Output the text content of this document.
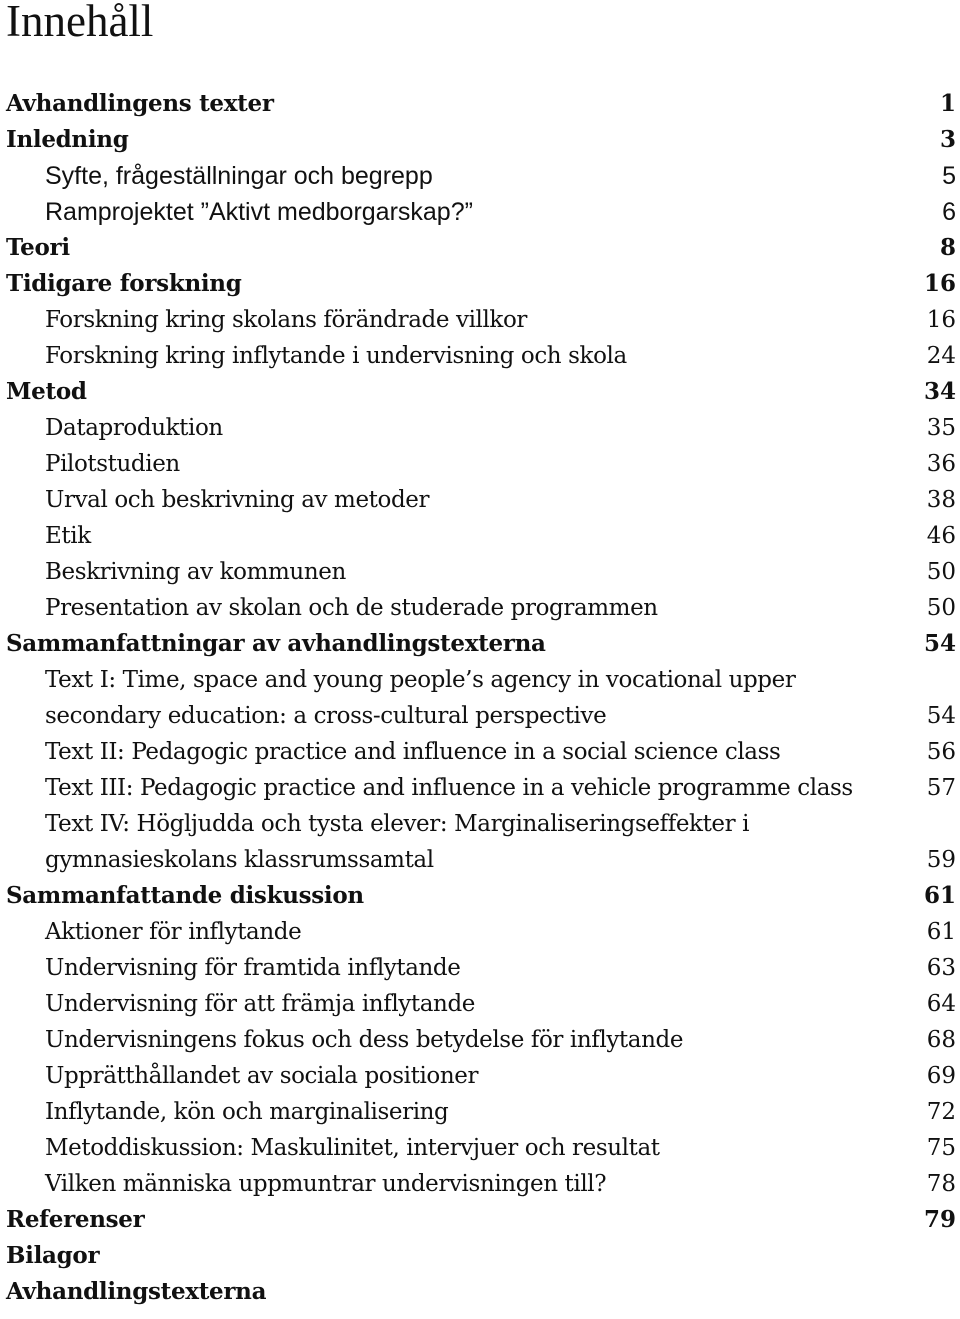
Innehåll
Avhandlingens texter	1
Inledning	3
Syfte, frågeställningar och begrepp	5
Ramprojektet ”Aktivt medborgarskap?”	6
Teori	8
Tidigare forskning	16
Forskning kring skolans förändrade villkor	16
Forskning kring inflytande i undervisning och skola	24
Metod	34
Dataproduktion	35
Pilotstudien	36
Urval och beskrivning av metoder	38
Etik	46
Beskrivning av kommunen	50
Presentation av skolan och de studerade programmen	50
Sammanfattningar av avhandlingstexterna	54
Text I: Time, space and young people’s agency in vocational upper
secondary education: a cross-cultural perspective	54
Text II: Pedagogic practice and influence in a social science class	56
Text III: Pedagogic practice and influence in a vehicle programme class	57
Text IV: Högljudda och tysta elever: Marginaliseringseffekter i
gymnasieskolans klassrumssamtal	59
Sammanfattande diskussion	61
Aktioner för inflytande	61
Undervisning för framtida inflytande	63
Undervisning för att främja inflytande	64
Undervisningens fokus och dess betydelse för inflytande	68
Upprätthållandet av sociala positioner	69
Inflytande, kön och marginalisering	72
Metoddiskussion: Maskulinitet, intervjuer och resultat	75
Vilken människa uppmuntrar undervisningen till?	78
Referenser	79
Bilagor
Avhandlingstexterna
